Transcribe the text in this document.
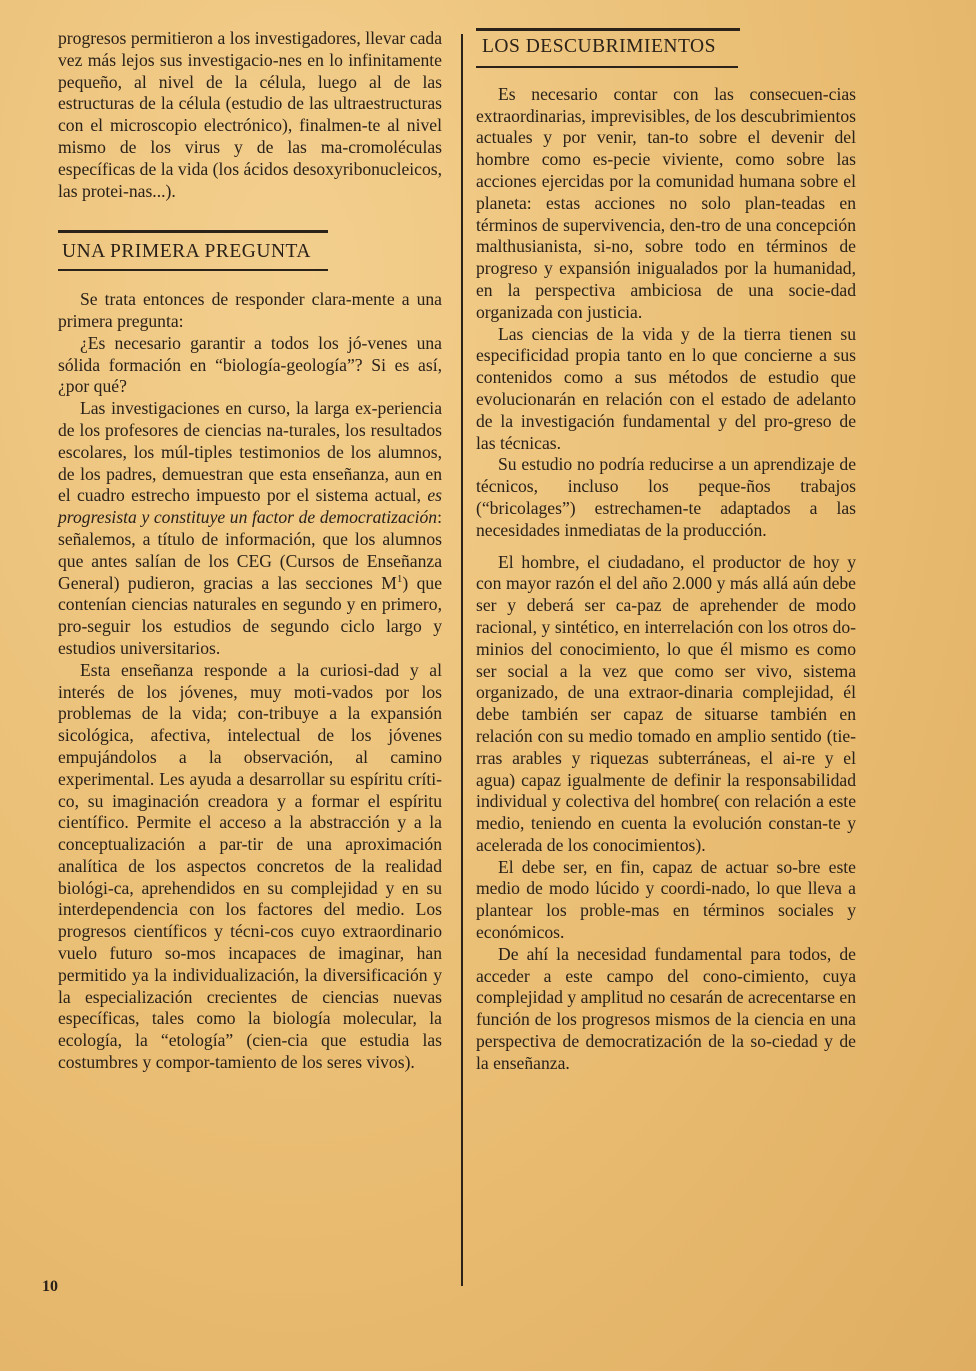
progresos permitieron a los investigadores, llevar cada vez más lejos sus investigacio-nes en lo infinitamente pequeño, al nivel de la célula, luego al de las estructuras de la célula (estudio de las ultraestructuras con el microscopio electrónico), finalmen-te al nivel mismo de los virus y de las ma-cromoléculas específicas de la vida (los ácidos desoxyribonucleicos, las protei-nas...).

UNA PRIMERA PREGUNTA

Se trata entonces de responder clara-mente a una primera pregunta:

¿Es necesario garantir a todos los jó-venes una sólida formación en “biología-geología”? Si es así, ¿por qué?

Las investigaciones en curso, la larga ex-periencia de los profesores de ciencias na-turales, los resultados escolares, los múl-tiples testimonios de los alumnos, de los padres, demuestran que esta enseñanza, aun en el cuadro estrecho impuesto por el sistema actual, es progresista y constituye un factor de democratización: señalemos, a título de información, que los alumnos que antes salían de los CEG (Cursos de Enseñanza General) pudieron, gracias a las secciones $M^1$) que contenían ciencias naturales en segundo y en primero, pro-seguir los estudios de segundo ciclo largo y estudios universitarios.

Esta enseñanza responde a la curiosi-dad y al interés de los jóvenes, muy moti-vados por los problemas de la vida; con-tribuye a la expansión sicológica, afectiva, intelectual de los jóvenes empujándolos a la observación, al camino experimental. Les ayuda a desarrollar su espíritu críti-co, su imaginación creadora y a formar el espíritu científico. Permite el acceso a la abstracción y a la conceptualización a par-tir de una aproximación analítica de los aspectos concretos de la realidad biológi-ca, aprehendidos en su complejidad y en su interdependencia con los factores del medio. Los progresos científicos y técni-cos cuyo extraordinario vuelo futuro so-mos incapaces de imaginar, han permitido ya la individualización, la diversificación y la especialización crecientes de ciencias nuevas específicas, tales como la biología molecular, la ecología, la “etología” (cien-cia que estudia las costumbres y compor-tamiento de los seres vivos).

LOS DESCUBRIMIENTOS

Es necesario contar con las consecuen-cias extraordinarias, imprevisibles, de los descubrimientos actuales y por venir, tan-to sobre el devenir del hombre como es-pecie viviente, como sobre las acciones ejercidas por la comunidad humana sobre el planeta: estas acciones no solo plan-teadas en términos de supervivencia, den-tro de una concepción malthusianista, si-no, sobre todo en términos de progreso y expansión inigualados por la humanidad, en la perspectiva ambiciosa de una socie-dad organizada con justicia.

Las ciencias de la vida y de la tierra tienen su especificidad propia tanto en lo que concierne a sus contenidos como a sus métodos de estudio que evolucionarán en relación con el estado de adelanto de la investigación fundamental y del pro-greso de las técnicas.

Su estudio no podría reducirse a un aprendizaje de técnicos, incluso los peque-ños trabajos (“bricolages”) estrechamen-te adaptados a las necesidades inmediatas de la producción.

El hombre, el ciudadano, el productor de hoy y con mayor razón el del año 2.000 y más allá aún debe ser y deberá ser ca-paz de aprehender de modo racional, y sintético, en interrelación con los otros do-minios del conocimiento, lo que él mismo es como ser social a la vez que como ser vivo, sistema organizado, de una extraor-dinaria complejidad, él debe también ser capaz de situarse también en relación con su medio tomado en amplio sentido (tie-rras arables y riquezas subterráneas, el ai-re y el agua) capaz igualmente de definir la responsabilidad individual y colectiva del hombre( con relación a este medio, teniendo en cuenta la evolución constan-te y acelerada de los conocimientos).

El debe ser, en fin, capaz de actuar so-bre este medio de modo lúcido y coordi-nado, lo que lleva a plantear los proble-mas en términos sociales y económicos.

De ahí la necesidad fundamental para todos, de acceder a este campo del cono-cimiento, cuya complejidad y amplitud no cesarán de acrecentarse en función de los progresos mismos de la ciencia en una perspectiva de democratización de la so-ciedad y de la enseñanza.

10
